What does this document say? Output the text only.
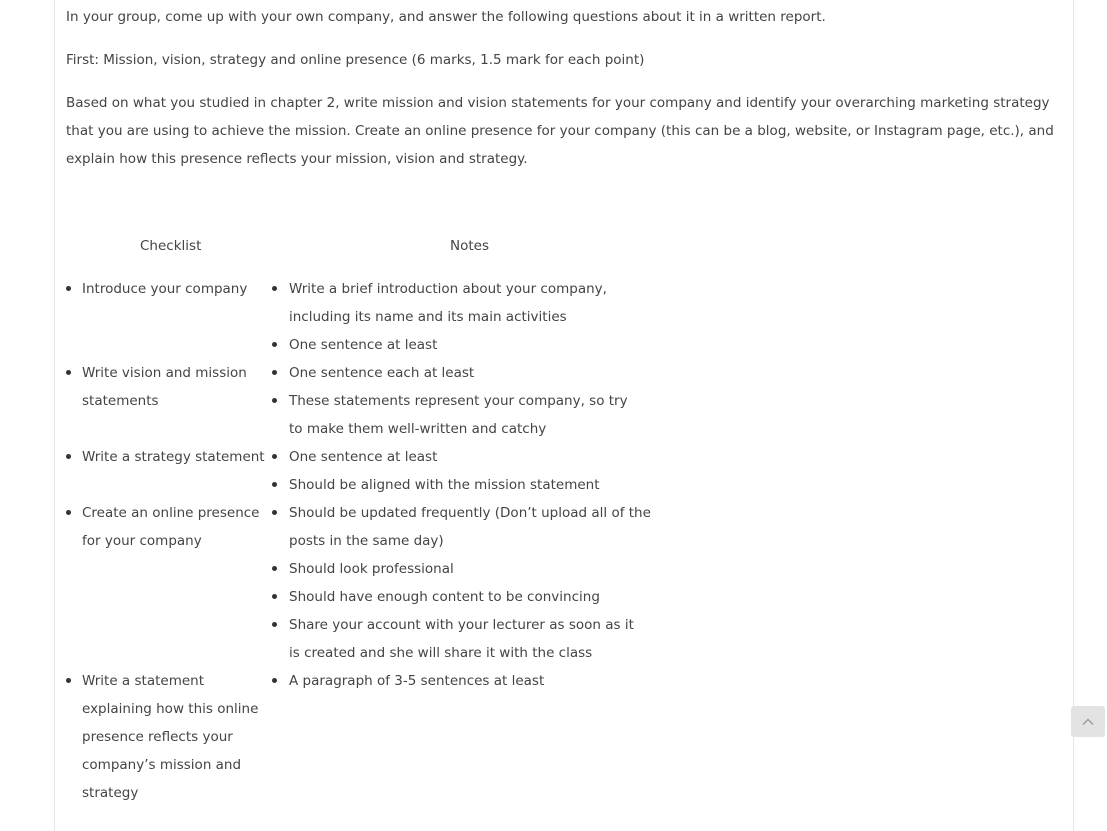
In your group, come up with your own company, and answer the following questions about it in a written report.

First: Mission, vision, strategy and online presence (6 marks, 1.5 mark for each point)

Based on what you studied in chapter 2, write mission and vision statements for your company and identify your overarching marketing strategy that you are using to achieve the mission. Create an online presence for your company (this can be a blog, website, or Instagram page, etc.), and explain how this presence reflects your mission, vision and strategy.

Checklist	Notes
Introduce your company
Write vision and mission statements
Write a strategy statement
Create an online presence for your company
Write a statement explaining how this online presence reflects your company’s mission and strategy
Write a brief introduction about your company, including its name and its main activities
One sentence at least
One sentence each at least
These statements represent your company, so try to make them well-written and catchy
One sentence at least
Should be aligned with the mission statement
Should be updated frequently (Don’t upload all of the posts in the same day)
Should look professional
Should have enough content to be convincing
Share your account with your lecturer as soon as it is created and she will share it with the class
A paragraph of 3-5 sentences at least
